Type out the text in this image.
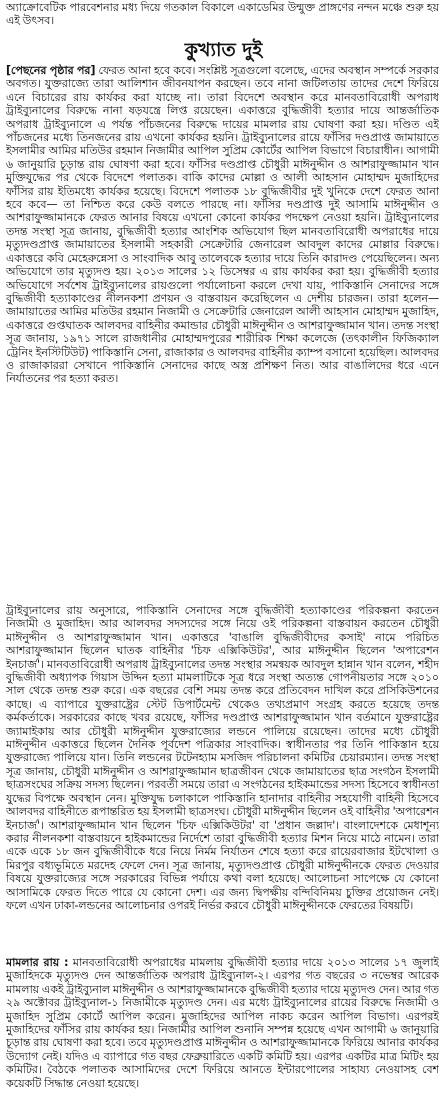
অ্যাক্রোবেটিক পারবেশনার মধ্য দিয়ে গতকাল বিকালে একাডেমির উন্মুক্ত প্রাঙ্গণের নন্দন মঞ্চে শুরু হয় এই উৎসব।

কুখ্যাত দুই

[পেছনের পৃষ্ঠার পর] ফেরত আনা হবে কবে। সংশ্লিষ্ট সূত্রগুলো বলেছে, এদের অবস্থান সম্পর্কে সরকার অবগত। যুক্তরাজ্যে তারা আলিশান জীবনযাপন করছেন। তবে নানা জটিলতায় তাদের দেশে ফিরিয়ে এনে বিচারের রায় কার্যকর করা যাচ্ছে না। তারা বিদেশে অবস্থান করে মানবতাবিরোধী অপরাধ ট্রাইব্যুনালের বিরুদ্ধে নানা ষড়যন্ত্রে লিপ্ত রয়েছেন। একাত্তরে বুদ্ধিজীবী হত্যার দায়ে আন্তর্জাতিক অপরাধ ট্রাইব্যুনালে এ পর্যন্ত পাঁচজনের বিরুদ্ধে দায়ের মামলার রায় ঘোষণা করা হয়। দণ্ডিত এই পাঁচজনের মধ্যে তিনজনের রায় এখনো কার্যকর হয়নি। ট্রাইব্যুনালের রায়ে ফাঁসির দণ্ডপ্রাপ্ত জামায়াতে ইসলামীর আমির মতিউর রহমান নিজামীর আপিল সুপ্রিম কোর্টের আপিল বিভাগে বিচারাধীন। আগামী ৬ জানুয়ারি চূড়ান্ত রায় ঘোষণা করা হবে। ফাঁসির দণ্ডপ্রাপ্ত চৌধুরী মাঈনুদ্দীন ও আশরাফুজ্জামান খান মুক্তিযুদ্ধের পর থেকে বিদেশে পলাতক। বাকি কাদের মোল্লা ও আলী আহসান মোহাম্মদ মুজাহিদের ফাঁসির রায় ইতিমধ্যে কার্যকর হয়েছে। বিদেশে পলাতক ১৮ বুদ্ধিজীবীর দুই খুনিকে দেশে ফেরত আনা হবে কবে— তা নিশ্চিত করে কেউ বলতে পারছে না। ফাঁসির দণ্ডপ্রাপ্ত দুই আসামি মাঈনুদ্দীন ও আশরাফুজ্জামানকে ফেরত আনার বিষয়ে এখনো কোনো কার্যকর পদক্ষেপ নেওয়া হয়নি। ট্রাইব্যুনালের তদন্ত সংস্থা সূত্র জানায়, বুদ্ধিজীবী হত্যার আংশিক অভিযোগ ছিল মানবতাবিরোধী অপরাধের দায়ে মৃত্যুদণ্ডপ্রাপ্ত জামায়াতের ইসলামী সহকারী সেক্রেটারি জেনারেল আবদুল কাদের মোল্লার বিরুদ্ধে। একাত্তরে কবি মেহেরুন্নেসা ও সাংবাদিক আবু তালেবকে হত্যার দায়ে তিনি কারাদণ্ড পেয়েছিলেন। অন্য অভিযোগে তার মৃত্যুদণ্ড হয়। ২০১৩ সালের ১২ ডিসেম্বর এ রায় কার্যকর করা হয়। বুদ্ধিজীবী হত্যার অভিযোগে সর্বশেষ ট্রাইব্যুনালের রায়গুলো পর্যালোচনা করলে দেখা যায়, পাকিস্তানি সেনাদের সঙ্গে বুদ্ধিজীবী হত্যাকাণ্ডের নীলনকশা প্রণয়ন ও বাস্তবায়ন করেছিলেন এ দেশীয় চারজন। তারা হলেন— জামায়াতের আমির মতিউর রহমান নিজামী ও সেক্রেটারি জেনারেল আলী আহসান মোহাম্মদ মুজাহিদ, একাত্তরে গুপ্তঘাতক আলবদর বাহিনীর কমান্ডার চৌধুরী মাঈনুদ্দীন ও আশরাফুজ্জামান খান। তদন্ত সংস্থা সূত্র জানায়, ১৯৭১ সালে রাজধানীর মোহাম্মদপুরের শারীরিক শিক্ষা কলেজে (তৎকালীন ফিজিক্যাল ট্রেনিং ইনস্টিটিউট) পাকিস্তানি সেনা, রাজাকার ও আলবদর বাহিনীর ক্যাম্প বসানো হয়েছিল। আলবদর ও রাজাকাররা সেখানে পাকিস্তানি সেনাদের কাছে অস্ত্র প্রশিক্ষণ নিত। আর বাঙালিদের ধরে এনে নির্যাতনের পর হত্যা করত।

ট্রাইব্যুনালের রায় অনুসারে, পাকিস্তানি সেনাদের সঙ্গে বুদ্ধিজীবী হত্যাকাণ্ডের পরিকল্পনা করতেন নিজামী ও মুজাহিদ। আর আলবদর সদস্যদের সঙ্গে নিয়ে ওই পরিকল্পনা বাস্তবায়ন করতেন চৌধুরী মাঈনুদ্দীন ও আশরাফুজ্জামান খান। একাত্তরে 'বাঙালি বুদ্ধিজীবীদের কসাই' নামে পরিচিত আশরাফুজ্জামান ছিলেন ঘাতক বাহিনীর 'চিফ এক্সিকিউটর', আর মাঈনুদ্দীন ছিলেন 'অপারেশন ইনচার্জ'। মানবতাবিরোধী অপরাধ ট্রাইব্যুনালের তদন্ত সংস্থার সমন্বয়ক আবদুল হান্নান খান বলেন, শহীদ বুদ্ধিজীবী অধ্যাপক গিয়াস উদ্দিন হত্যা মামলাটিকে সূত্র ধরে সংস্থা অত্যন্ত গোপনীয়তার সঙ্গে ২০১০ সাল থেকে তদন্ত শুরু করে। এক বছরের বেশি সময় তদন্ত করে প্রতিবেদন দাখিল করে প্রসিকিউশনের কাছে। এ ব্যাপারে যুক্তরাষ্ট্রের স্টেট ডিপার্টমেন্ট থেকেও তথ্যপ্রমাণ সংগ্রহ করতে হয়েছে তদন্ত কর্মকর্তাকে। সরকারের কাছে খবর রয়েছে, ফাঁসির দণ্ডপ্রাপ্ত আশরাফুজ্জামান খান বর্তমানে যুক্তরাষ্ট্রের জ্যামাইকায় আর চৌধুরী মাঈনুদ্দীন যুক্তরাজ্যের লন্ডনে পালিয়ে রয়েছেন। তাদের মধ্যে চৌধুরী মাঈনুদ্দীন একাত্তরে ছিলেন দৈনিক পূর্বদেশ পত্রিকার সাংবাদিক। স্বাধীনতার পর তিনি পাকিস্তান হয়ে যুক্তরাজ্যে পালিয়ে যান। তিনি লন্ডনের টটেনহ্যাম মসজিদ পরিচালনা কমিটির চেয়ারম্যান। তদন্ত সংস্থা সূত্র জানায়, চৌধুরী মাঈনুদ্দীন ও আশরাফুজ্জামান ছাত্রজীবন থেকে জামায়াতের ছাত্র সংগঠন ইসলামী ছাত্রসংঘের সক্রিয় সদস্য ছিলেন। পরবর্তী সময়ে তারা এ সংগঠনের হাইকমান্ডের সদস্য হিসেবে স্বাধীনতা যুদ্ধের বিপক্ষে অবস্থান নেন। মুক্তিযুদ্ধ চলাকালে পাকিস্তানি হানাদার বাহিনীর সহযোগী বাহিনী হিসেবে আলবদর বাহিনীতে রূপান্তরিত হয় ইসলামী ছাত্রসংঘ। চৌধুরী মাঈনুদ্দীন ছিলেন ওই বাহিনীর 'অপারেশন ইনচার্জ'। আশরাফুজ্জামান খান ছিলেন 'চিফ এক্সিকিউটর' বা 'প্রধান জল্লাদ'। বাংলাদেশকে মেধাশূন্য করার নীলনকশা বাস্তবায়নে হাইকমান্ডের নির্দেশে তারা বুদ্ধিজীবী হত্যার মিশন নিয়ে মাঠে নামেন। তারা একে একে ১৮ জন বুদ্ধিজীবীকে ধরে নিয়ে নির্মম নির্যাতন শেষে হত্যা করে রায়েরবাজার ইটখোলা ও মিরপুর বধ্যভূমিতে মরদেহ ফেলে দেন। সূত্র জানায়, মৃত্যুদণ্ডপ্রাপ্ত চৌধুরী মাঈনুদ্দীনকে ফেরত দেওয়ার বিষয়ে যুক্তরাজ্যের সঙ্গে সরকারের বিভিন্ন পর্যায়ে কথা বলা হয়েছে। আলোচনা সাপেক্ষে যে কোনো আসামিকে ফেরত দিতে পারে যে কোনো দেশ। এর জন্য দ্বিপক্ষীয় বন্দিবিনিময় চুক্তির প্রয়োজন নেই। ফলে এখন ঢাকা-লন্ডনের আলোচনার ওপরই নির্ভর করবে চৌধুরী মাঈনুদ্দীনকে ফেরতের বিষয়টি।

মামলার রায় : মানবতাবিরোধী অপরাধের মামলায় বুদ্ধিজীবী হত্যার দায়ে ২০১৩ সালের ১৭ জুলাই মুজাহিদকে মৃত্যুদণ্ড দেন আন্তর্জাতিক অপরাধ ট্রাইব্যুনাল-২। এরপর গত বছরের ৩ নভেম্বর আরেক মামলায় একই ট্রাইব্যুনাল মাঈনুদ্দীন ও আশরাফুজ্জামানকে বুদ্ধিজীবী হত্যার দায়ে মৃত্যুদণ্ড দেন। আর গত ২৯ অক্টোবর ট্রাইব্যুনাল-১ নিজামীকে মৃত্যুদণ্ড দেন। এর মধ্যে ট্রাইব্যুনালের রায়ের বিরুদ্ধে নিজামী ও মুজাহিদ সুপ্রিম কোর্টে আপিল করেন। মুজাহিদের আপিল নাকচ করেন আপিল বিভাগ। এরপরই মুজাহিদের ফাঁসির রায় কার্যকর হয়। নিজামীর আপিল শুনানি সম্পন্ন হয়েছে এখন আগামী ৬ জানুয়ারি চূড়ান্ত রায় ঘোষণা করা হবে। তবে মৃত্যুদণ্ডপ্রাপ্ত মাঈনুদ্দীন ও আশরাফুজ্জামানকে ফিরিয়ে আনার কার্যকর উদ্যোগ নেই। যদিও এ ব্যাপারে গত বছর ফেব্রুয়ারিতে একটি কমিটি হয়। এরপর একটির মাত্র মিটিং হয় কমিটির। বৈঠকে পলাতক আসামিদের দেশে ফিরিয়ে আনতে ইন্টারপোলের সাহায্য নেওয়াসহ বেশ কয়েকটি সিদ্ধান্ত নেওয়া হয়েছে।
